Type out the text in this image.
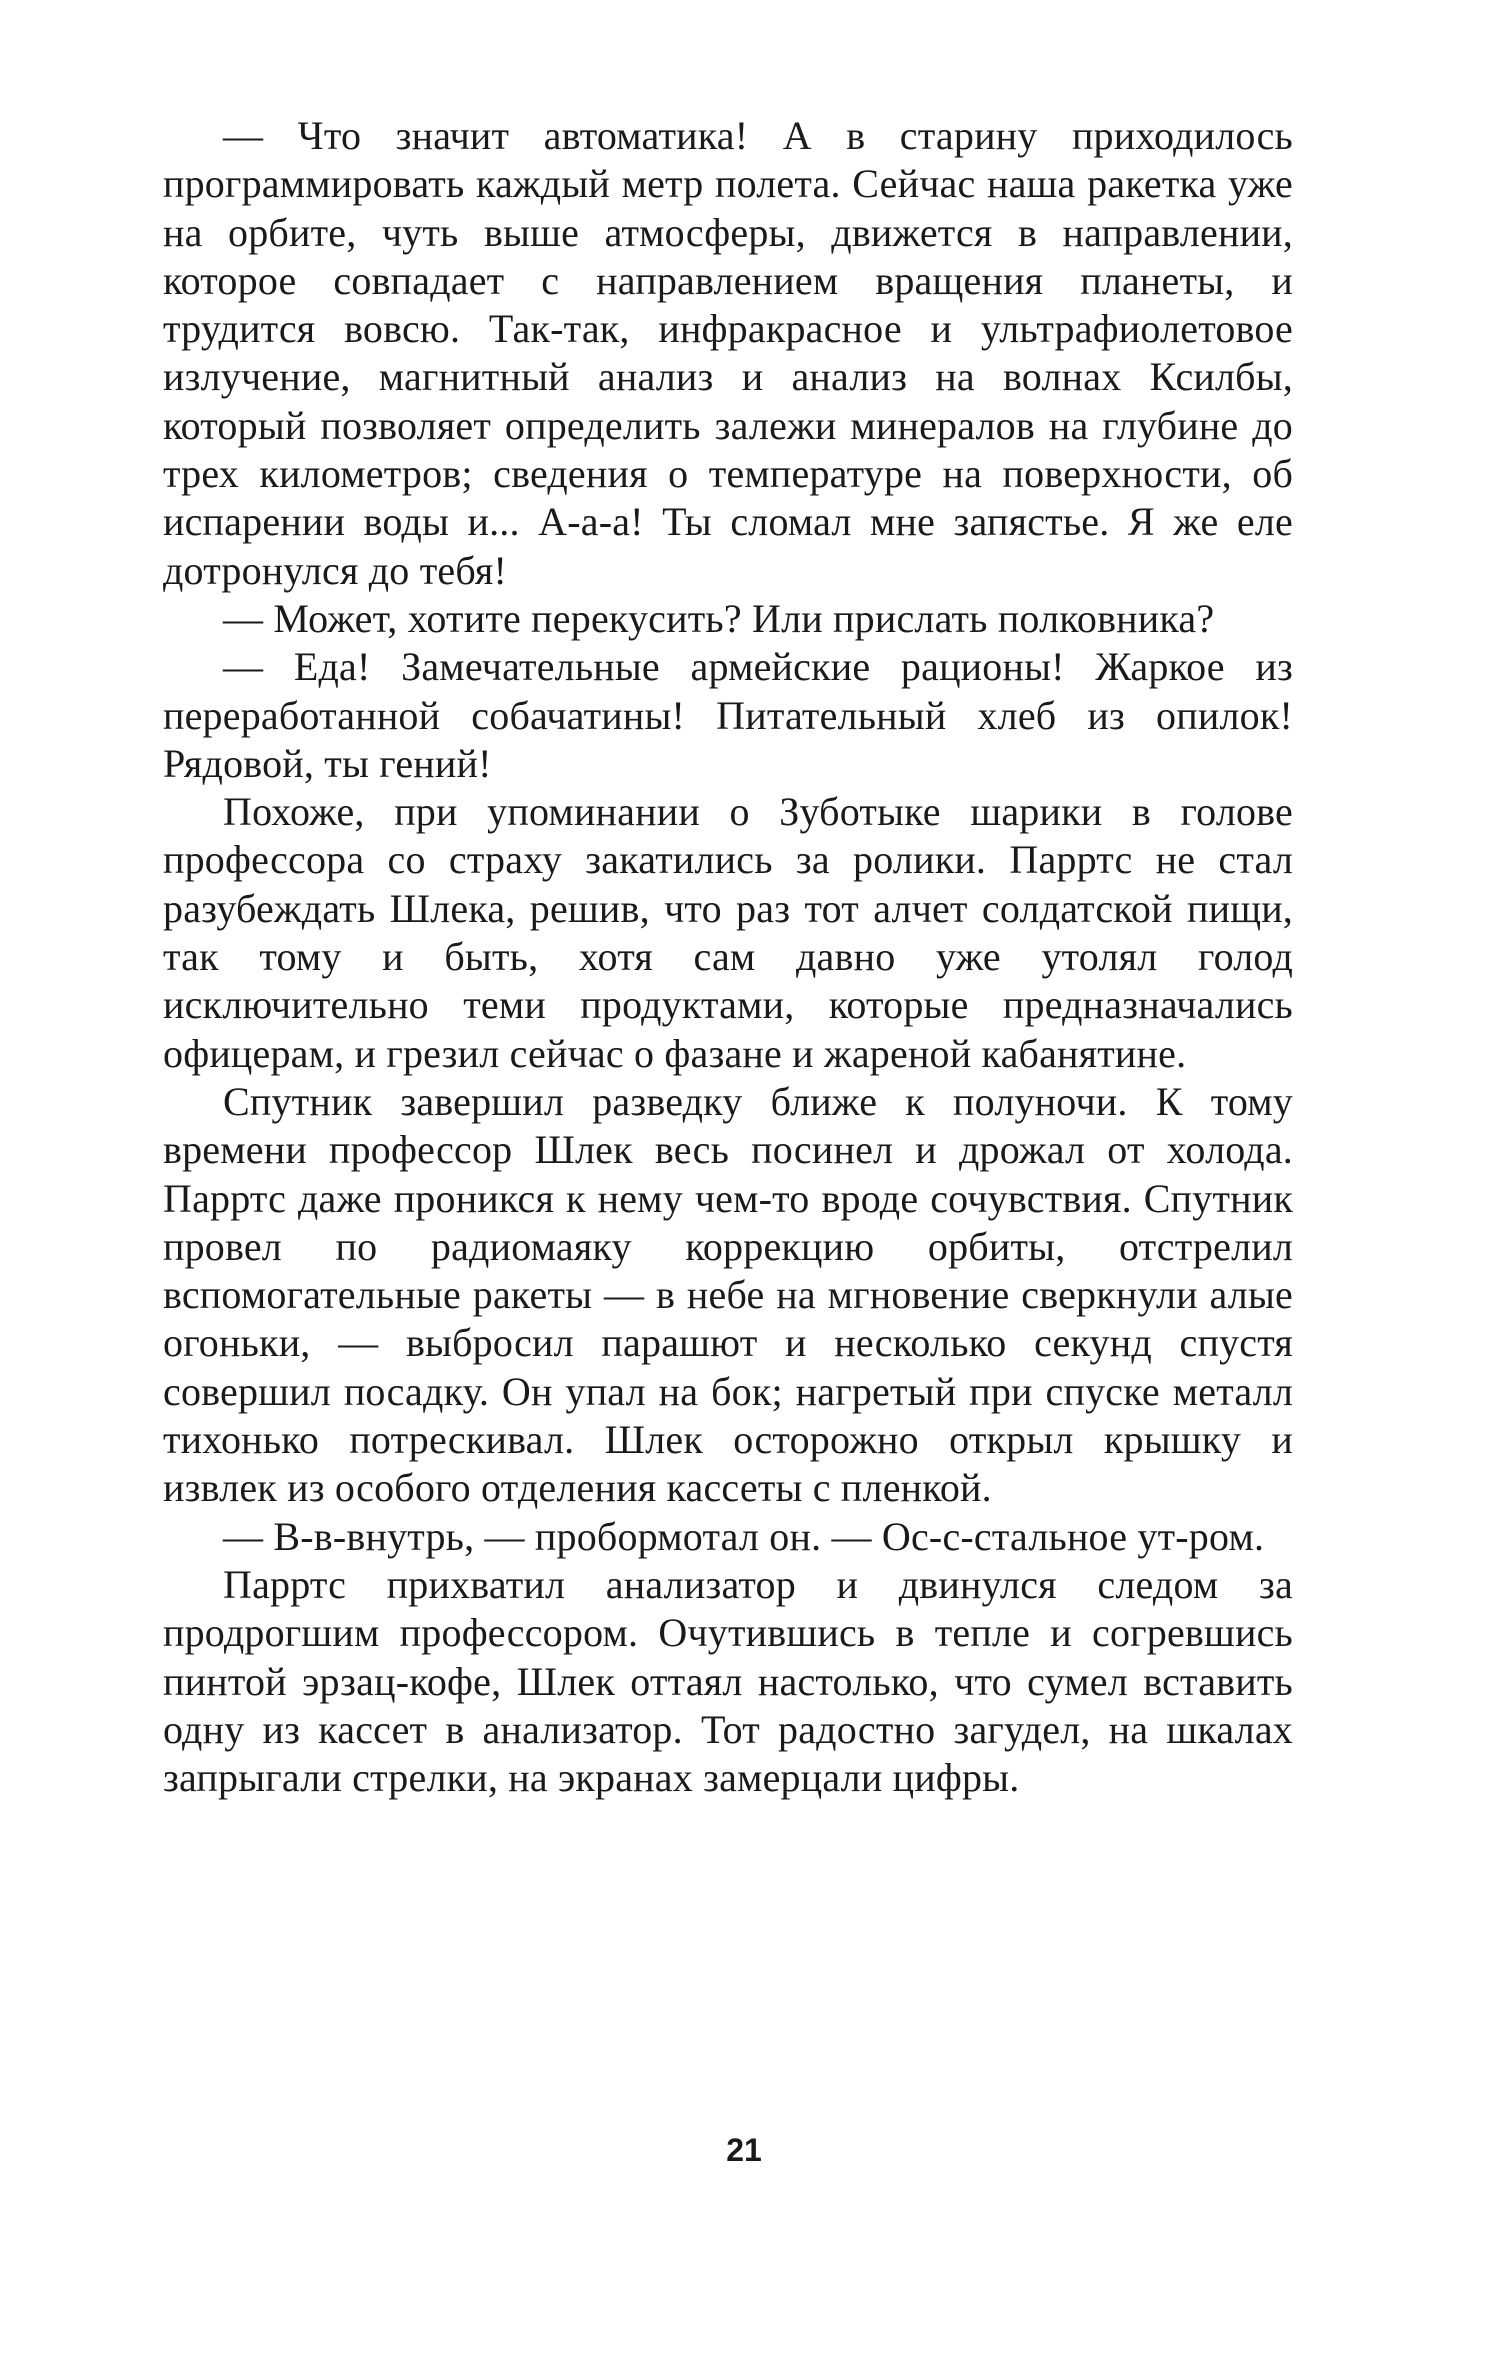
— Что значит автоматика! А в старину приходилось программировать каждый метр полета. Сейчас наша ракетка уже на орбите, чуть выше атмосферы, движется в направлении, которое совпадает с направлением вращения планеты, и трудится вовсю. Так-так, инфракрасное и ультрафиолетовое излучение, магнитный анализ и анализ на волнах Ксилбы, который позволяет определить залежи минералов на глубине до трех километров; сведения о температуре на поверхности, об испарении воды и... А-а-а! Ты сломал мне запястье. Я же еле дотронулся до тебя!

— Может, хотите перекусить? Или прислать полковника?

— Еда! Замечательные армейские рационы! Жаркое из переработанной собачатины! Питательный хлеб из опилок! Рядовой, ты гений!

Похоже, при упоминании о Зуботыке шарики в голове профессора со страху закатились за ролики. Парртс не стал разубеждать Шлека, решив, что раз тот алчет солдатской пищи, так тому и быть, хотя сам давно уже утолял голод исключительно теми продуктами, которые предназначались офицерам, и грезил сейчас о фазане и жареной кабанятине.

Спутник завершил разведку ближе к полуночи. К тому времени профессор Шлек весь посинел и дрожал от холода. Парртс даже проникся к нему чем-то вроде сочувствия. Спутник провел по радиомаяку коррекцию орбиты, отстрелил вспомогательные ракеты — в небе на мгновение сверкнули алые огоньки, — выбросил парашют и несколько секунд спустя совершил посадку. Он упал на бок; нагретый при спуске металл тихонько потрескивал. Шлек осторожно открыл крышку и извлек из особого отделения кассеты с пленкой.

— В-в-внутрь, — пробормотал он. — Ос-с-стальное ут-ром.

Парртс прихватил анализатор и двинулся следом за продрогшим профессором. Очутившись в тепле и согревшись пинтой эрзац-кофе, Шлек оттаял настолько, что сумел вставить одну из кассет в анализатор. Тот радостно загудел, на шкалах запрыгали стрелки, на экранах замерцали цифры.

21
